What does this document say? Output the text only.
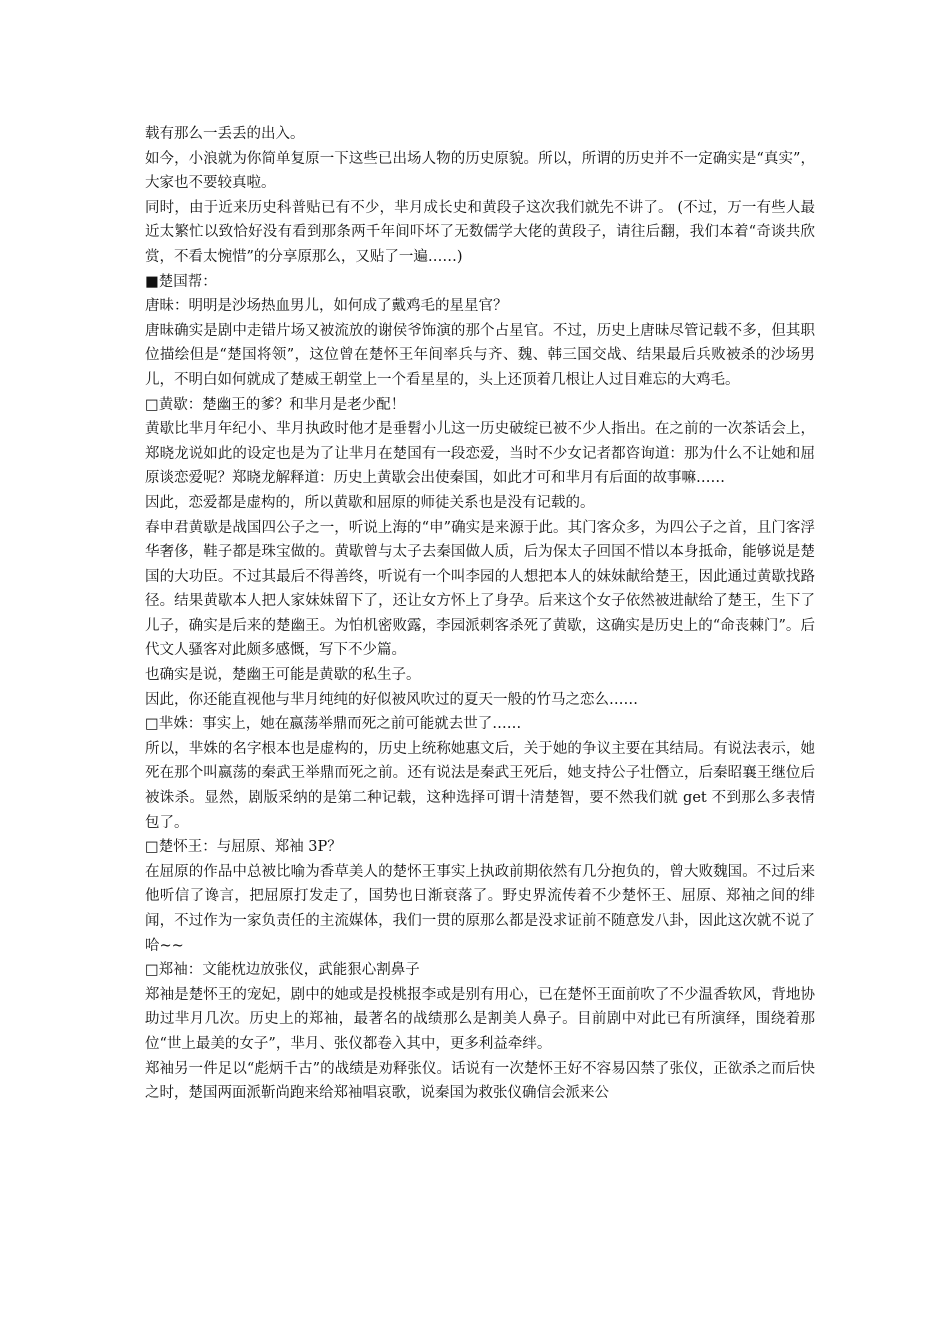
载有那么一丢丢的出入。

如今，小浪就为你简单复原一下这些已出场人物的历史原貌。所以，所谓的历史并不一定确实是“真实”，大家也不要较真啦。

同时，由于近来历史科普贴已有不少，芈月成长史和黄段子这次我们就先不讲了。 (不过，万一有些人最近太繁忙以致恰好没有看到那条两千年间吓坏了无数儒学大佬的黄段子，请往后翻，我们本着“奇谈共欣赏，不看太惋惜”的分享原那么，又贴了一遍……)

■楚国帮：

唐昧：明明是沙场热血男儿，如何成了戴鸡毛的星星官？

唐昧确实是剧中走错片场又被流放的谢侯爷饰演的那个占星官。不过，历史上唐昧尽管记载不多，但其职位描绘但是“楚国将领”，这位曾在楚怀王年间率兵与齐、魏、韩三国交战、结果最后兵败被杀的沙场男儿，不明白如何就成了楚威王朝堂上一个看星星的，头上还顶着几根让人过目难忘的大鸡毛。

□黄歇：楚幽王的爹？和芈月是老少配！

黄歇比芈月年纪小、芈月执政时他才是垂髫小儿这一历史破绽已被不少人指出。在之前的一次茶话会上，郑晓龙说如此的设定也是为了让芈月在楚国有一段恋爱，当时不少女记者都咨询道：那为什么不让她和屈原谈恋爱呢？郑晓龙解释道：历史上黄歇会出使秦国，如此才可和芈月有后面的故事嘛……

因此，恋爱都是虚构的，所以黄歇和屈原的师徒关系也是没有记载的。

春申君黄歇是战国四公子之一，听说上海的“申”确实是来源于此。其门客众多，为四公子之首，且门客浮华奢侈，鞋子都是珠宝做的。黄歇曾与太子去秦国做人质，后为保太子回国不惜以本身抵命，能够说是楚国的大功臣。不过其最后不得善终，听说有一个叫李园的人想把本人的妹妹献给楚王，因此通过黄歇找路径。结果黄歇本人把人家妹妹留下了，还让女方怀上了身孕。后来这个女子依然被进献给了楚王，生下了儿子，确实是后来的楚幽王。为怕机密败露，李园派刺客杀死了黄歇，这确实是历史上的“命丧棘门”。后代文人骚客对此颇多感慨，写下不少篇。

也确实是说，楚幽王可能是黄歇的私生子。

因此，你还能直视他与芈月纯纯的好似被风吹过的夏天一般的竹马之恋么……

□芈姝：事实上，她在嬴荡举鼎而死之前可能就去世了……

所以，芈姝的名字根本也是虚构的，历史上统称她惠文后，关于她的争议主要在其结局。有说法表示，她死在那个叫嬴荡的秦武王举鼎而死之前。还有说法是秦武王死后，她支持公子壮僭立，后秦昭襄王继位后被诛杀。显然，剧版采纳的是第二种记载，这种选择可谓十清楚智，要不然我们就 get 不到那么多表情包了。

□楚怀王：与屈原、郑袖 3P？

在屈原的作品中总被比喻为香草美人的楚怀王事实上执政前期依然有几分抱负的，曾大败魏国。不过后来他听信了谗言，把屈原打发走了，国势也日渐衰落了。野史界流传着不少楚怀王、屈原、郑袖之间的绯闻，不过作为一家负责任的主流媒体，我们一贯的原那么都是没求证前不随意发八卦，因此这次就不说了哈~~

□郑袖：文能枕边放张仪，武能狠心割鼻子

郑袖是楚怀王的宠妃，剧中的她或是投桃报李或是别有用心，已在楚怀王面前吹了不少温香软风，背地协助过芈月几次。历史上的郑袖，最著名的战绩那么是割美人鼻子。目前剧中对此已有所演绎，围绕着那位“世上最美的女子”，芈月、张仪都卷入其中，更多利益牵绊。

郑袖另一件足以“彪炳千古”的战绩是劝释张仪。话说有一次楚怀王好不容易囚禁了张仪，正欲杀之而后快之时，楚国两面派靳尚跑来给郑袖唱哀歌，说秦国为救张仪确信会派来公
